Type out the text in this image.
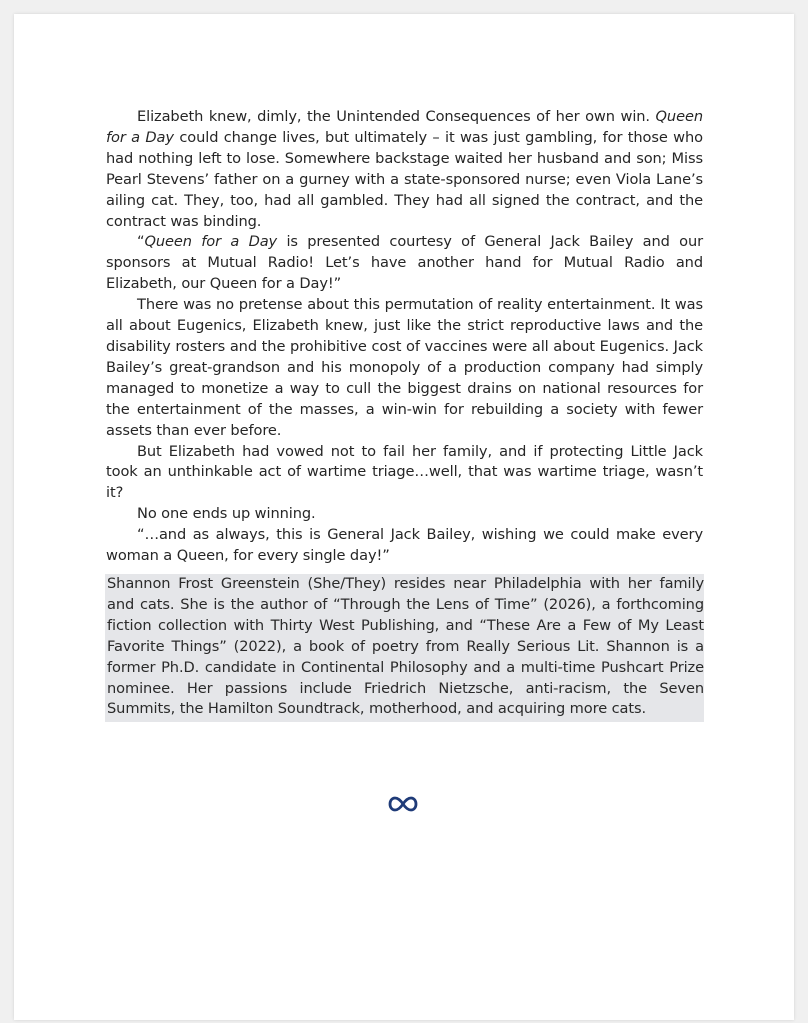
Elizabeth knew, dimly, the Unintended Consequences of her own win. Queen for a Day could change lives, but ultimately – it was just gambling, for those who had nothing left to lose. Somewhere backstage waited her husband and son; Miss Pearl Stevens’ father on a gurney with a state-sponsored nurse; even Viola Lane’s ailing cat. They, too, had all gambled. They had all signed the contract, and the contract was binding.

“Queen for a Day is presented courtesy of General Jack Bailey and our sponsors at Mutual Radio! Let’s have another hand for Mutual Radio and Elizabeth, our Queen for a Day!”

There was no pretense about this permutation of reality entertainment. It was all about Eugenics, Elizabeth knew, just like the strict reproductive laws and the disability rosters and the prohibitive cost of vaccines were all about Eugenics. Jack Bailey’s great-grandson and his monopoly of a production company had simply managed to monetize a way to cull the biggest drains on national resources for the entertainment of the masses, a win-win for rebuilding a society with fewer assets than ever before.

But Elizabeth had vowed not to fail her family, and if protecting Little Jack took an unthinkable act of wartime triage…well, that was wartime triage, wasn’t it?

No one ends up winning.

“…and as always, this is General Jack Bailey, wishing we could make every woman a Queen, for every single day!”

Shannon Frost Greenstein (She/They) resides near Philadelphia with her family and cats. She is the author of “Through the Lens of Time” (2026), a forthcoming fiction collection with Thirty West Publishing, and “These Are a Few of My Least Favorite Things” (2022), a book of poetry from Really Serious Lit. Shannon is a former Ph.D. candidate in Continental Philosophy and a multi-time Pushcart Prize nominee. Her passions include Friedrich Nietzsche, anti-racism, the Seven Summits, the Hamilton Soundtrack, motherhood, and acquiring more cats.
